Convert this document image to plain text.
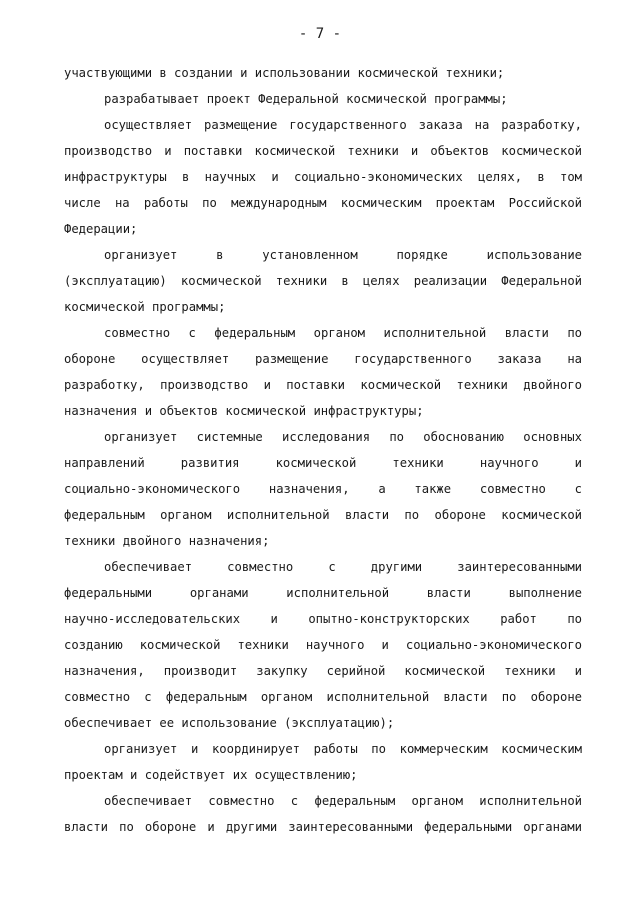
- 7 -
участвующими в создании и использовании космической техники;
разрабатывает проект Федеральной космической программы;
осуществляет размещение государственного заказа на разработку,
производство и поставки космической техники и объектов космической
инфраструктуры в научных и социально-экономических целях, в том
числе на работы по международным космическим проектам Российской
Федерации;
организует в установленном порядке использование
(эксплуатацию) космической техники в целях реализации Федеральной
космической программы;
совместно с федеральным органом исполнительной власти по
обороне осуществляет размещение государственного заказа на
разработку, производство и поставки космической техники двойного
назначения и объектов космической инфраструктуры;
организует системные исследования по обоснованию основных
направлений развития космической техники научного и
социально-экономического назначения, а также совместно с
федеральным органом исполнительной власти по обороне космической
техники двойного назначения;
обеспечивает совместно с другими заинтересованными
федеральными органами исполнительной власти выполнение
научно-исследовательских и опытно-конструкторских работ по
созданию космической техники научного и социально-экономического
назначения, производит закупку серийной космической техники и
совместно с федеральным органом исполнительной власти по обороне
обеспечивает ее использование (эксплуатацию);
организует и координирует работы по коммерческим космическим
проектам и содействует их осуществлению;
обеспечивает совместно с федеральным органом исполнительной
власти по обороне и другими заинтересованными федеральными органами
